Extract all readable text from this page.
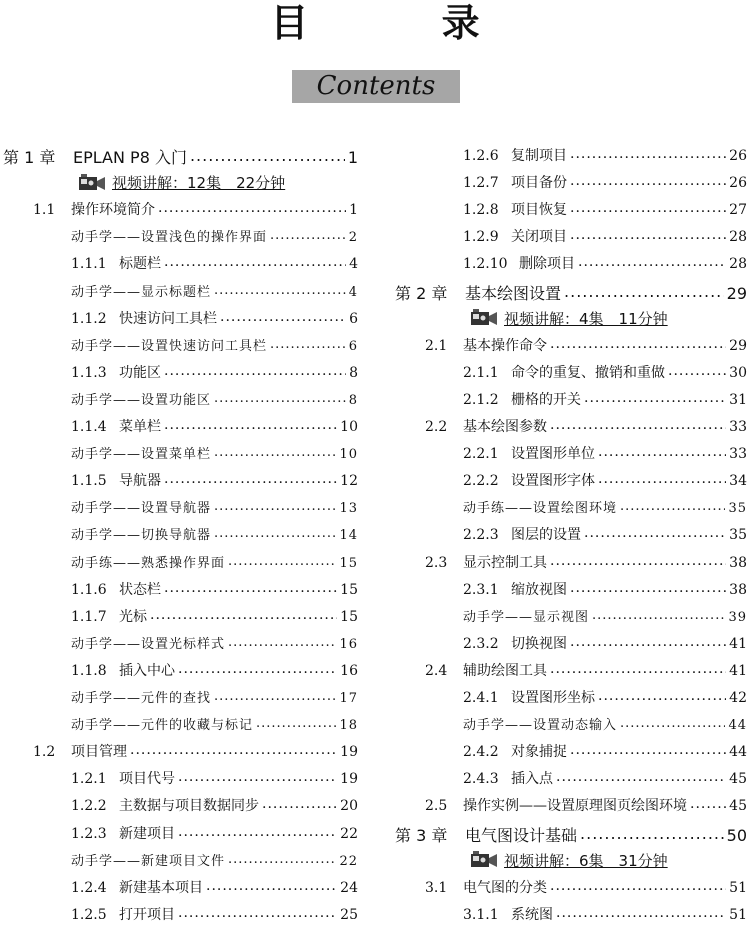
目 录
Contents
第 1 章	EPLAN P8 入门 .....	1
视频讲解：12集　22分钟
1.1	操作环境简介 .....	1
动手学——设置浅色的操作界面 .....	2
1.1.1 标题栏 .....	4
动手学——显示标题栏 .....	4
1.1.2 快速访问工具栏 .....	6
动手学——设置快速访问工具栏 .....	6
1.1.3 功能区 .....	8
动手学——设置功能区 .....	8
1.1.4 菜单栏 .....	10
动手学——设置菜单栏 .....	10
1.1.5 导航器 .....	12
动手学——设置导航器 .....	13
动手学——切换导航器 .....	14
动手练——熟悉操作界面 .....	15
1.1.6 状态栏 .....	15
1.1.7 光标 .....	15
动手学——设置光标样式 .....	16
1.1.8 插入中心 .....	16
动手学——元件的查找 .....	17
动手学——元件的收藏与标记 .....	18
1.2	项目管理 .....	19
1.2.1 项目代号 .....	19
1.2.2 主数据与项目数据同步 .....	20
1.2.3 新建项目 .....	22
动手学——新建项目文件 .....	22
1.2.4 新建基本项目 .....	24
1.2.5 打开项目 .....	25
1.2.6 复制项目 .....	26
1.2.7 项目备份 .....	26
1.2.8 项目恢复 .....	27
1.2.9 关闭项目 .....	28
1.2.10 删除项目 .....	28
第 2 章	基本绘图设置 .....	29
视频讲解：4集　11分钟
2.1	基本操作命令 .....	29
2.1.1 命令的重复、撤销和重做 .....	30
2.1.2 栅格的开关 .....	31
2.2	基本绘图参数 .....	33
2.2.1 设置图形单位 .....	33
2.2.2 设置图形字体 .....	34
动手练——设置绘图环境 .....	35
2.2.3 图层的设置 .....	35
2.3	显示控制工具 .....	38
2.3.1 缩放视图 .....	38
动手学——显示视图 .....	39
2.3.2 切换视图 .....	41
2.4	辅助绘图工具 .....	41
2.4.1 设置图形坐标 .....	42
动手学——设置动态输入 .....	44
2.4.2 对象捕捉 .....	44
2.4.3 插入点 .....	45
2.5	操作实例——设置原理图页绘图环境 .....	45
第 3 章	电气图设计基础 .....	50
视频讲解：6集　31分钟
3.1	电气图的分类 .....	51
3.1.1 系统图 .....	51
